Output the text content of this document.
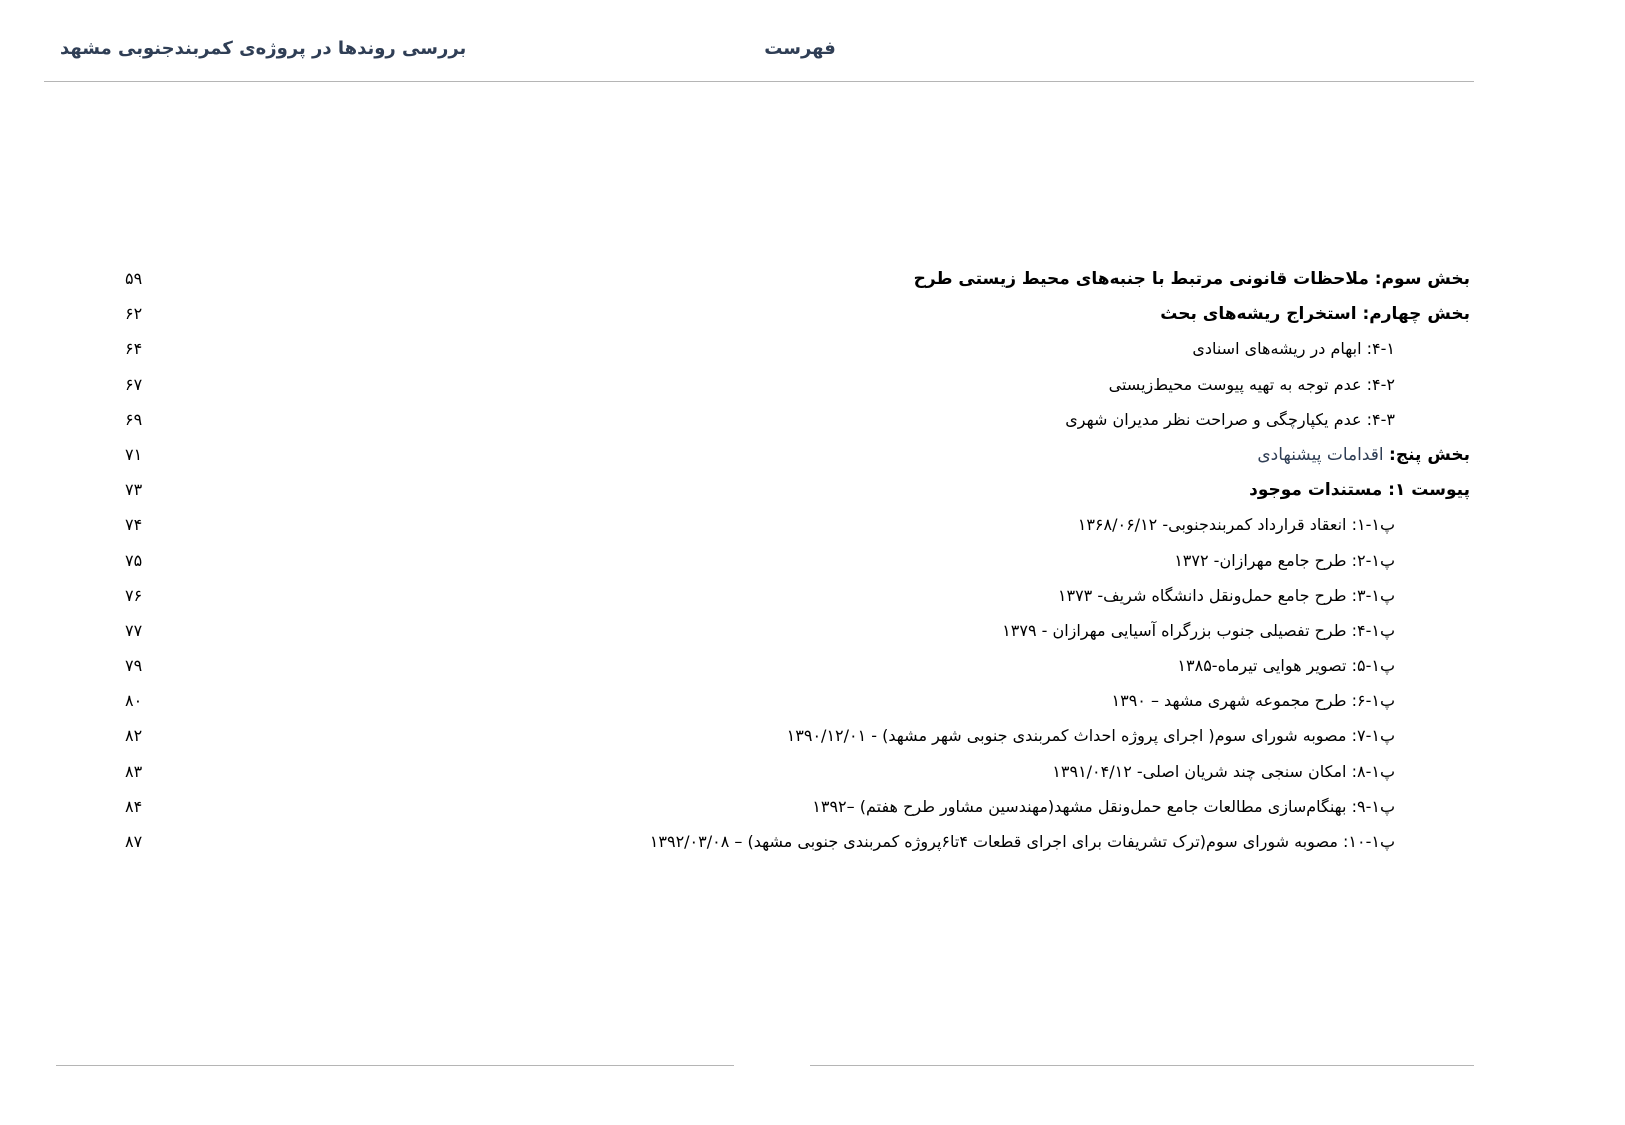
بررسی روندها در پروژه‌ی کمربندجنوبی مشهد	فهرست
بخش سوم: ملاحظات قانونی مرتبط با جنبه‌های محیط زیستی طرح
۵۹
بخش چهارم: استخراج ریشه‌های بحث
۶۲
۴-۱: ابهام در ریشه‌های اسنادی
۶۴
۴-۲: عدم توجه به تهیه پیوست محیط‌زیستی
۶۷
۴-۳: عدم یکپارچگی و صراحت نظر مدیران شهری
۶۹
بخش پنج: اقدامات پیشنهادی
۷۱
پیوست ۱: مستندات موجود
۷۳
پ۱-۱: انعقاد قرارداد کمربندجنوبی- ۱۳۶۸/۰۶/۱۲
۷۴
پ۱-۲: طرح جامع مهرازان- ۱۳۷۲
۷۵
پ۱-۳: طرح جامع حمل‌ونقل دانشگاه شریف- ۱۳۷۳
۷۶
پ۱-۴: طرح تفصیلی جنوب بزرگراه آسیایی مهرازان - ۱۳۷۹
۷۷
پ۱-۵: تصویر هوایی تیرماه-۱۳۸۵
۷۹
پ۱-۶: طرح مجموعه شهری مشهد – ۱۳۹۰
۸۰
پ۱-۷: مصوبه شورای سوم( اجرای پروژه احداث کمربندی جنوبی شهر مشهد) - ۱۳۹۰/۱۲/۰۱
۸۲
پ۱-۸: امکان سنجی چند شریان اصلی- ۱۳۹۱/۰۴/۱۲
۸۳
پ۱-۹: بهنگام‌سازی مطالعات جامع حمل‌ونقل مشهد(مهندسین مشاور طرح هفتم) –۱۳۹۲
۸۴
پ۱-۱۰: مصوبه شورای سوم(ترک تشریفات برای اجرای قطعات ۴تا۶پروژه کمربندی جنوبی مشهد) – ۱۳۹۲/۰۳/۰۸
۸۷
